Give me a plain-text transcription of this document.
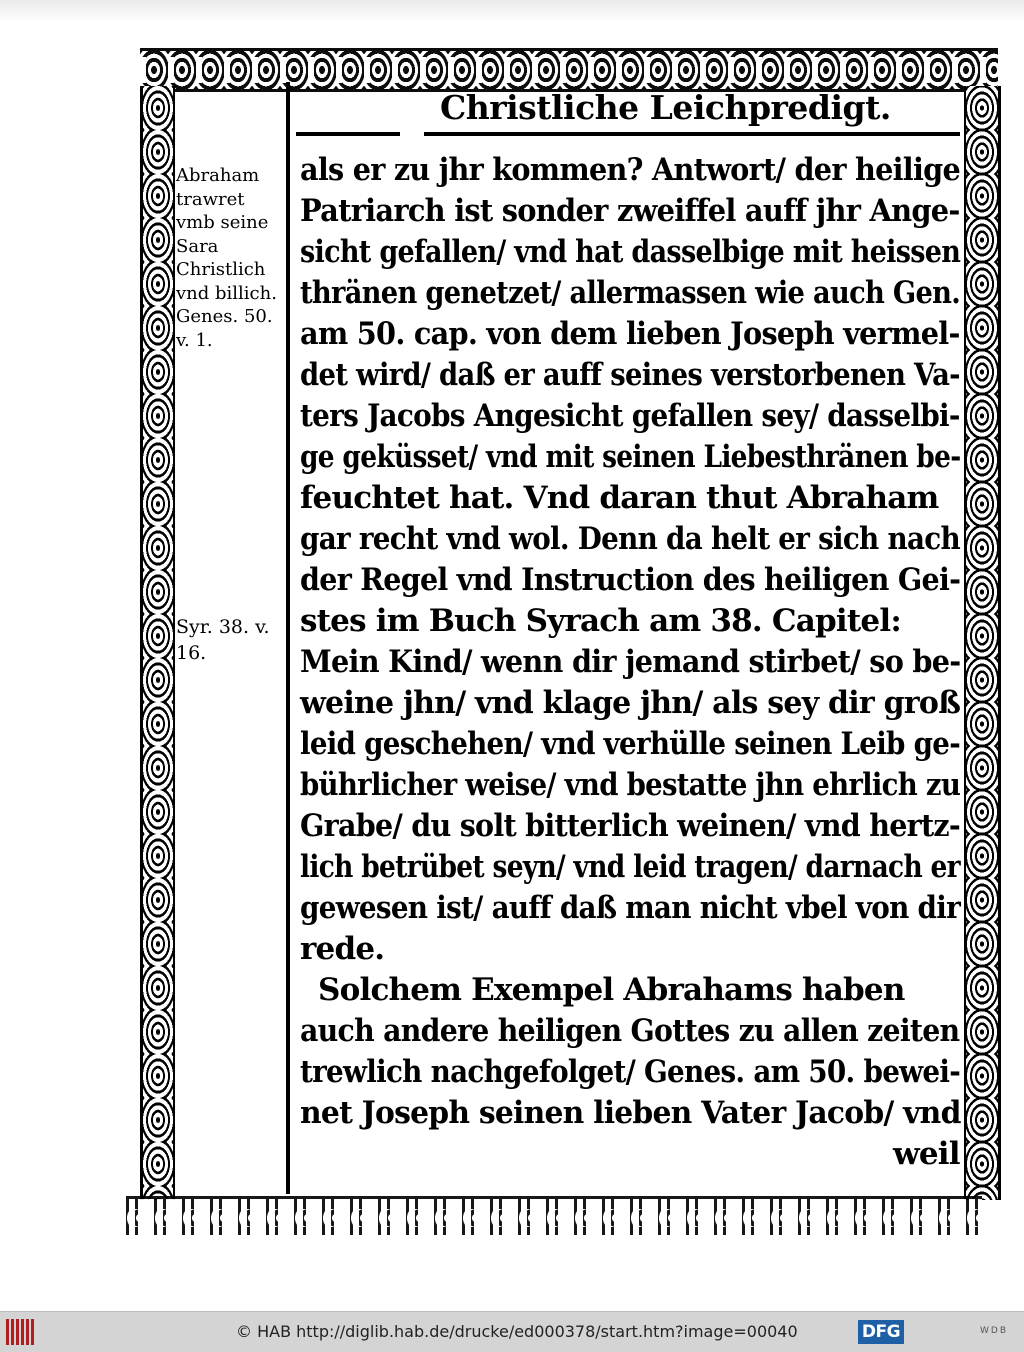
Christliche Leichpredigt.
Abraham
trawret
vmb seine
Sara
Christlich
vnd billich.
Genes. 50.
v. 1.
Syr. 38. v.
16.
als er zu jhr kommen? Antwort/ der heilige
Patriarch ist sonder zweiffel auff jhr Ange-
sicht gefallen/ vnd hat dasselbige mit heissen
thränen genetzet/ allermassen wie auch Gen.
am 50. cap. von dem lieben Joseph vermel-
det wird/ daß er auff seines verstorbenen Va-
ters Jacobs Angesicht gefallen sey/ dasselbi-
ge geküsset/ vnd mit seinen Liebesthränen be-
feuchtet hat. Vnd daran thut Abraham
gar recht vnd wol. Denn da helt er sich nach
der Regel vnd Instruction des heiligen Gei-
stes im Buch Syrach am 38. Capitel:
Mein Kind/ wenn dir jemand stirbet/ so be-
weine jhn/ vnd klage jhn/ als sey dir groß
leid geschehen/ vnd verhülle seinen Leib ge-
bührlicher weise/ vnd bestatte jhn ehrlich zu
Grabe/ du solt bitterlich weinen/ vnd hertz-
lich betrübet seyn/ vnd leid tragen/ darnach er
gewesen ist/ auff daß man nicht vbel von dir
rede.
Solchem Exempel Abrahams haben
auch andere heiligen Gottes zu allen zeiten
trewlich nachgefolget/ Genes. am 50. bewei-
net Joseph seinen lieben Vater Jacob/ vnd
weil
© HAB http://diglib.hab.de/drucke/ed000378/start.htm?image=00040	DFG	WDB
